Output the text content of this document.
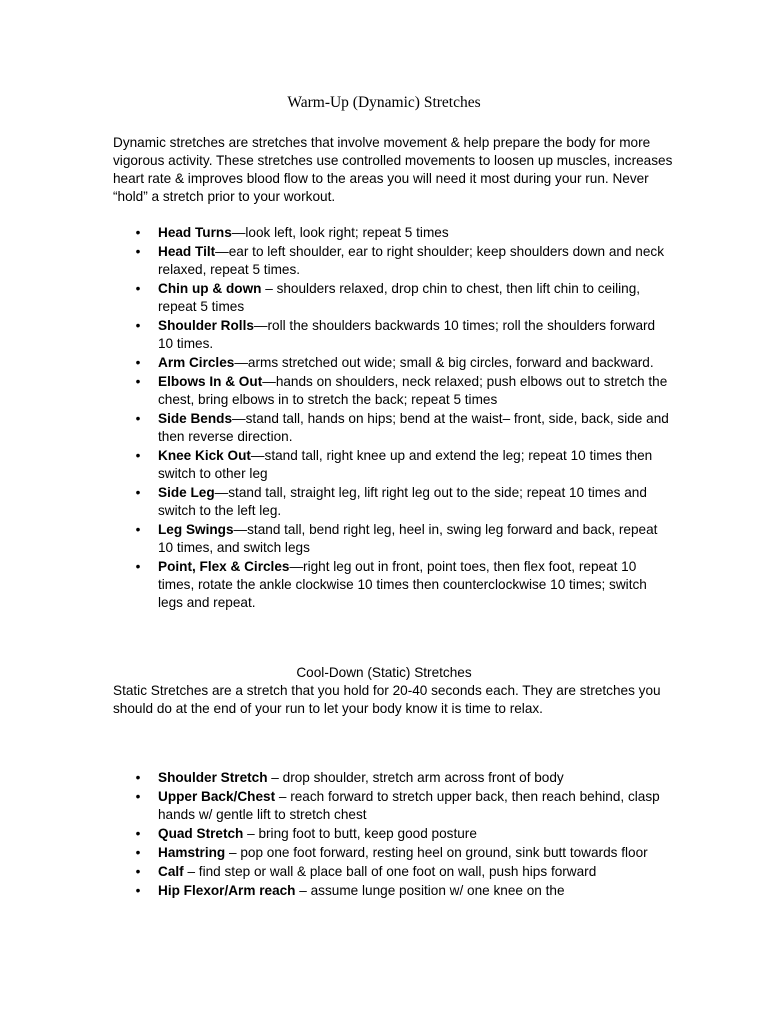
Warm-Up (Dynamic) Stretches

Dynamic stretches are stretches that involve movement & help prepare the body for more vigorous activity. These stretches use controlled movements to loosen up muscles, increases heart rate & improves blood flow to the areas you will need it most during your run. Never “hold” a stretch prior to your workout.

• Head Turns—look left, look right; repeat 5 times
• Head Tilt—ear to left shoulder, ear to right shoulder; keep shoulders down and neck relaxed, repeat 5 times.
• Chin up & down – shoulders relaxed, drop chin to chest, then lift chin to ceiling, repeat 5 times
• Shoulder Rolls—roll the shoulders backwards 10 times; roll the shoulders forward 10 times.
• Arm Circles—arms stretched out wide; small & big circles, forward and backward.
• Elbows In & Out—hands on shoulders, neck relaxed; push elbows out to stretch the chest, bring elbows in to stretch the back; repeat 5 times
• Side Bends—stand tall, hands on hips; bend at the waist– front, side, back, side and then reverse direction.
• Knee Kick Out—stand tall, right knee up and extend the leg; repeat 10 times then switch to other leg
• Side Leg—stand tall, straight leg, lift right leg out to the side; repeat 10 times and switch to the left leg.
• Leg Swings—stand tall, bend right leg, heel in, swing leg forward and back, repeat 10 times, and switch legs
• Point, Flex & Circles—right leg out in front, point toes, then flex foot, repeat 10 times, rotate the ankle clockwise 10 times then counterclockwise 10 times; switch legs and repeat.
Cool-Down (Static) Stretches

Static Stretches are a stretch that you hold for 20-40 seconds each. They are stretches you should do at the end of your run to let your body know it is time to relax.

• Shoulder Stretch – drop shoulder, stretch arm across front of body
• Upper Back/Chest – reach forward to stretch upper back, then reach behind, clasp hands w/ gentle lift to stretch chest
• Quad Stretch – bring foot to butt, keep good posture
• Hamstring – pop one foot forward, resting heel on ground, sink butt towards floor
• Calf – find step or wall & place ball of one foot on wall, push hips forward
• Hip Flexor/Arm reach – assume lunge position w/ one knee on the
